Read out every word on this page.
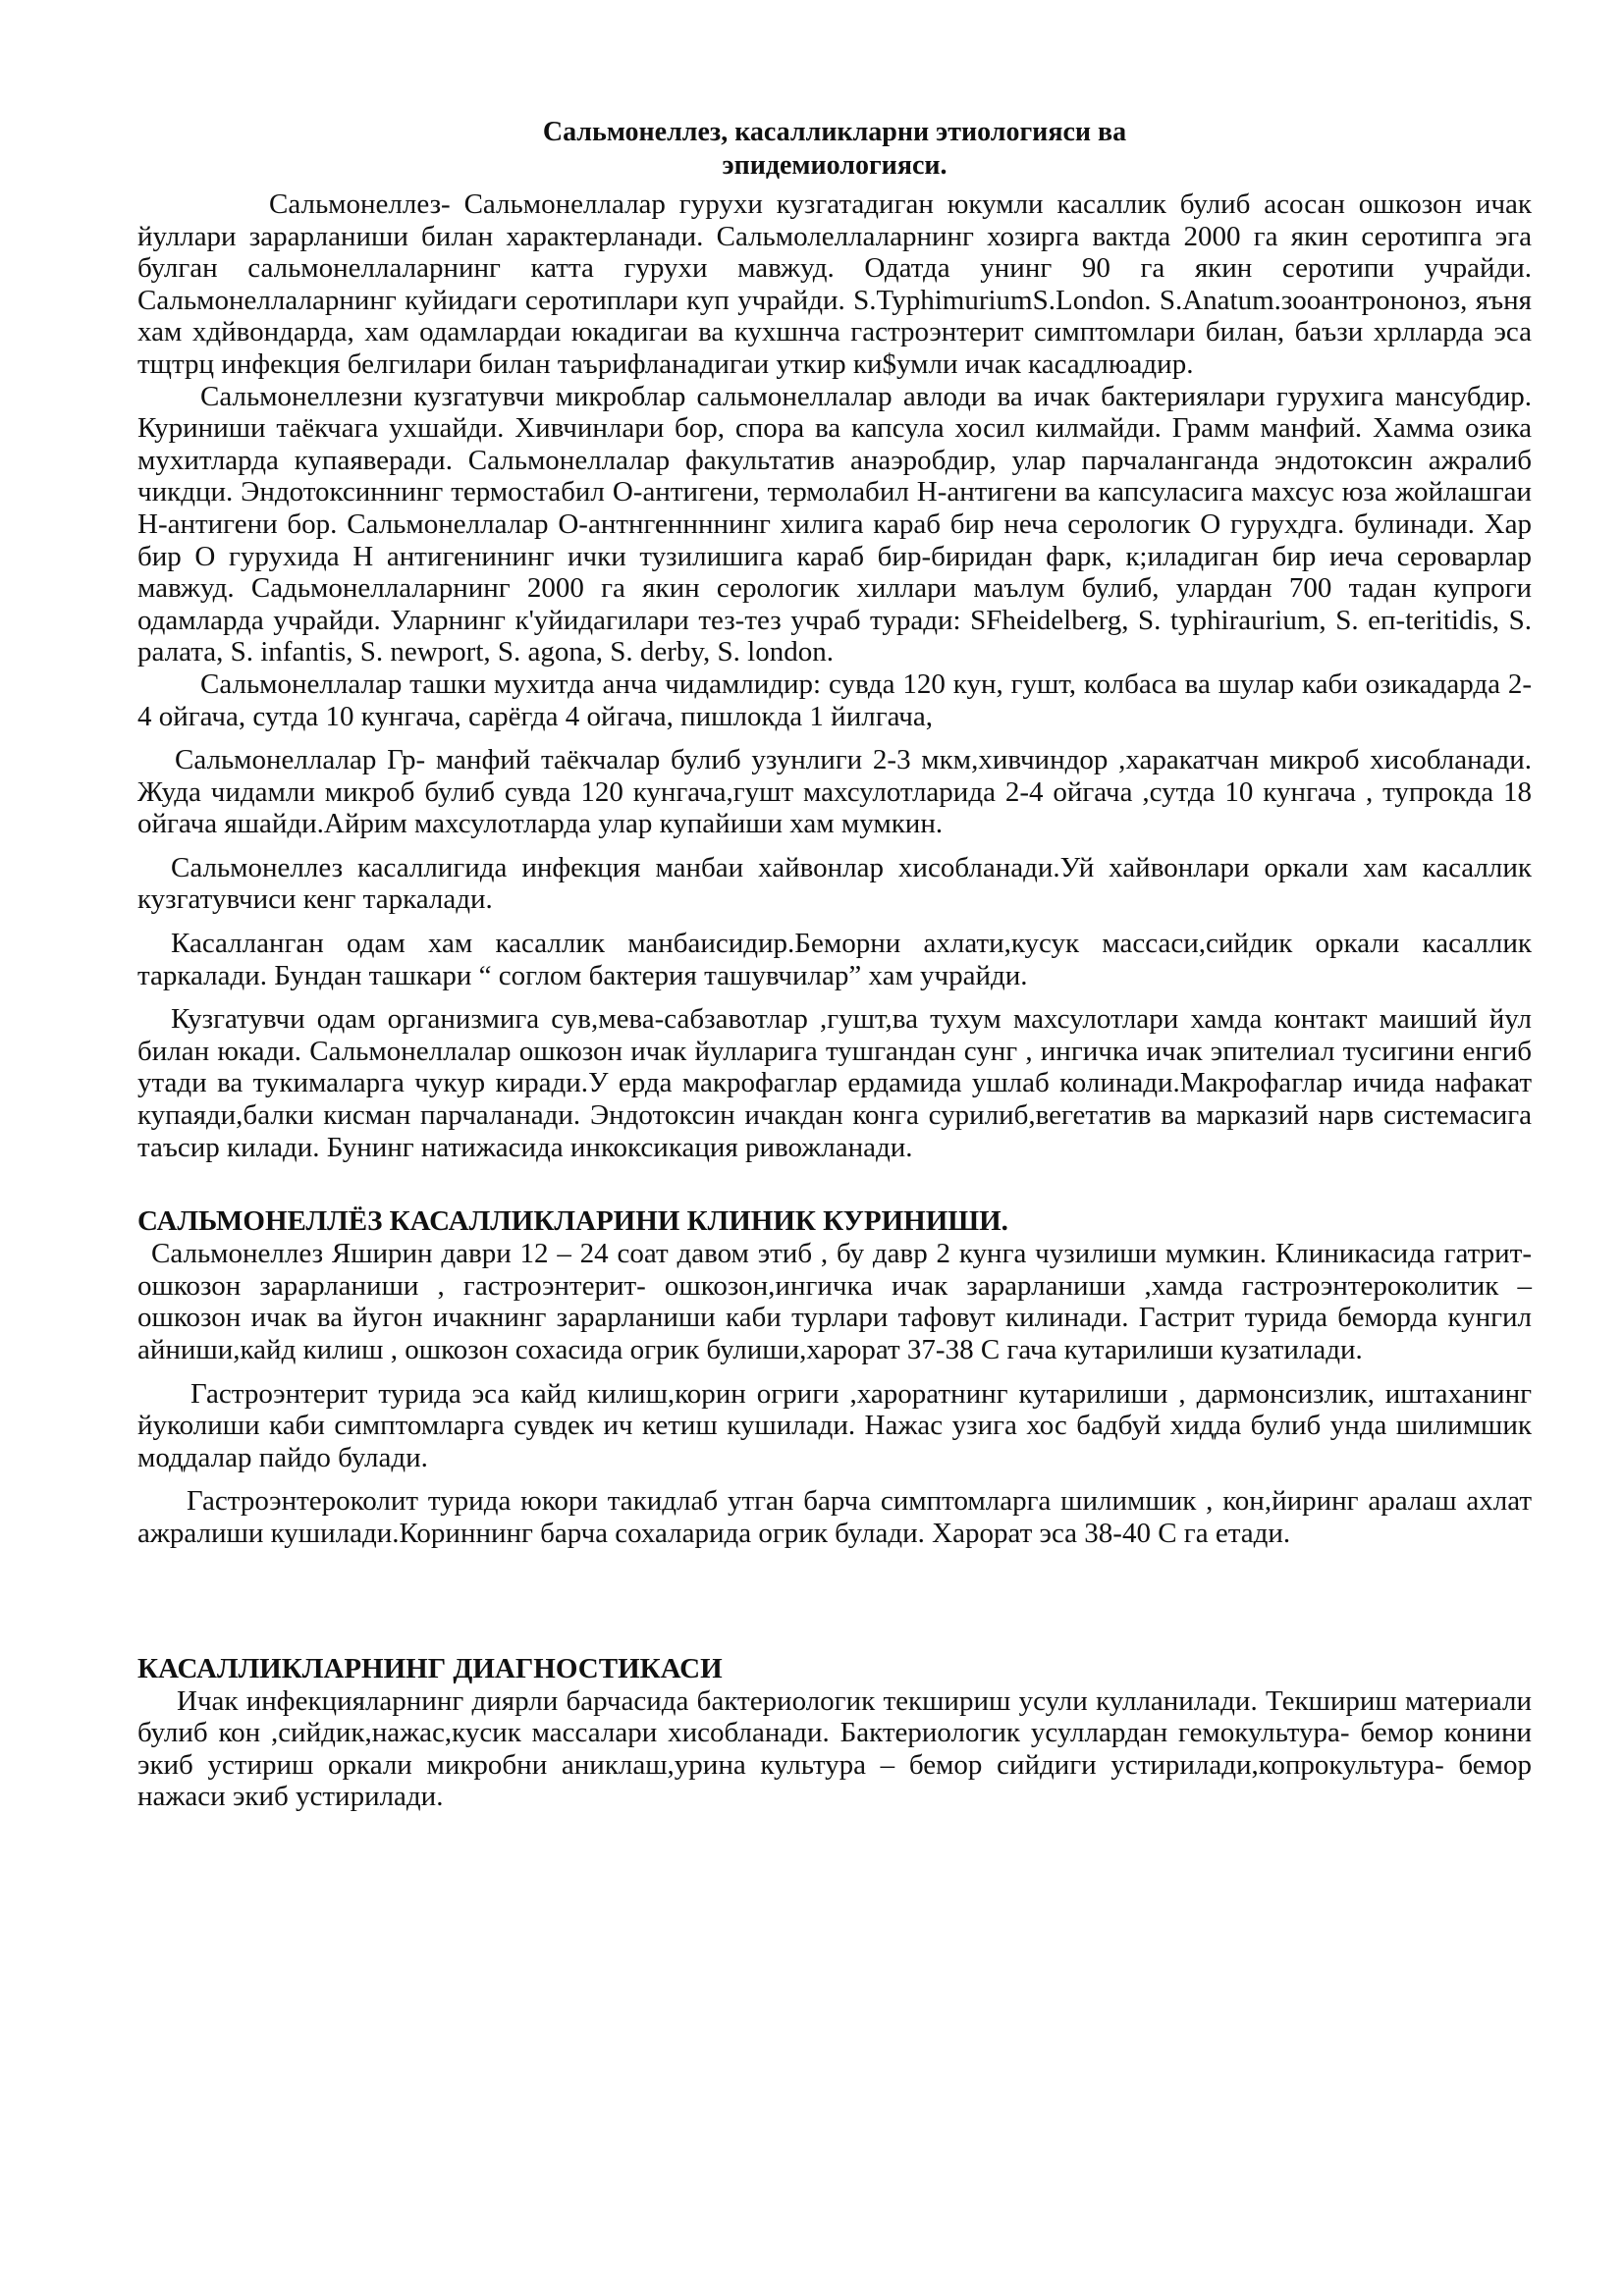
Сальмонеллез, касалликларни этиологияси ва
эпидемиологияси.

Сальмонеллез- Сальмонеллалар гурухи кузгатадиган юкумли касаллик булиб асосан ошкозон ичак йуллари зарарланиши билан характерланади. Сальмолеллаларнинг хозирга вактда 2000 га якин серотипга эга булган сальмонеллаларнинг катта гурухи мавжуд. Одатда унинг 90 га якин серотипи учрайди. Сальмонеллаларнинг куйидаги серотиплари куп учрайди. S.TyphimuriumS.London. S.Anatum.зооантрононоз, яъня хам хдйвондарда, хам одамлардаи юкадигаи ва кухшнча гастроэнтерит симптомлари билан, баъзи хрлларда эса тщтрц инфекция белгилари билан таърифланадигаи уткир ки$умли ичак касадлюадир.

Сальмонеллезни кузгатувчи микроблар сальмонеллалар авлоди ва ичак бактериялари гурухига мансубдир. Куриниши таёкчага ухшайди. Хивчинлари бор, спора ва капсула хосил килмайди. Грамм манфий. Хамма озика мухитларда купаяверади. Сальмонеллалар факультатив анаэробдир, улар парчаланганда эндотоксин ажралиб чикдци. Эндотоксиннинг термостабил О-антигени, термолабил Н-антигени ва капсуласига махсус юза жойлашгаи Н-антигени бор. Сальмонеллалар О-антнгеннннинг хилига караб бир неча серологик О гурухдга. булинади. Хар бир О гурухида Н антигенининг ички тузилишига караб бир-биридан фарк, к;иладиган бир иеча сероварлар мавжуд. Садьмонеллаларнинг 2000 га якин серологик хиллари маълум булиб, улардан 700 тадан купроги одамларда учрайди. Уларнинг к'уйидагилари тез-тез учраб туради: SFheidelberg, S. typhiraurium, S. еп-teritidis, S. ралата, S. infantis, S. newport, S. agona, S. derby, S. london.

Сальмонеллалар ташки мухитда анча чидамлидир: сувда 120 кун, гушт, колбаса ва шулар каби озикадарда 2-4 ойгача, сутда 10 кунгача, сарёгда 4 ойгача, пишлокда 1 йилгача,

Сальмонеллалар Гр- манфий таёкчалар булиб узунлиги 2-3 мкм,хивчиндор ,харакатчан микроб хисобланади. Жуда чидамли микроб булиб сувда 120 кунгача,гушт махсулотларида 2-4 ойгача ,сутда 10 кунгача , тупрокда 18 ойгача яшайди.Айрим махсулотларда улар купайиши хам мумкин.

Сальмонеллез касаллигида инфекция манбаи хайвонлар хисобланади.Уй хайвонлари оркали хам касаллик кузгатувчиси кенг таркалади.

Касалланган одам хам касаллик манбаисидир.Беморни ахлати,кусук массаси,сийдик оркали касаллик таркалади. Бундан ташкари “ соглом бактерия ташувчилар” хам учрайди.

Кузгатувчи одам организмига сув,мева-сабзавотлар ,гушт,ва тухум махсулотлари хамда контакт маиший йул билан юкади. Сальмонеллалар ошкозон ичак йулларига тушгандан сунг , ингичка ичак эпителиал тусигини енгиб утади ва тукималарга чукур киради.У ерда макрофаглар ердамида ушлаб колинади.Макрофаглар ичида нафакат купаяди,балки кисман парчаланади. Эндотоксин ичакдан конга сурилиб,вегетатив ва марказий нарв системасига таъсир килади. Бунинг натижасида инкоксикация ривожланади.

САЛЬМОНЕЛЛЁЗ КАСАЛЛИКЛАРИНИ КЛИНИК КУРИНИШИ.

Сальмонеллез Яширин даври 12 – 24 соат давом этиб , бу давр 2 кунга чузилиши мумкин. Клиникасида гатрит-ошкозон зарарланиши , гастроэнтерит- ошкозон,ингичка ичак зарарланиши ,хамда гастроэнтероколитик – ошкозон ичак ва йугон ичакнинг зарарланиши каби турлари тафовут килинади. Гастрит турида беморда кунгил айниши,кайд килиш , ошкозон сохасида огрик булиши,харорат 37-38 С гача кутарилиши кузатилади.

Гастроэнтерит турида эса кайд килиш,корин огриги ,хароратнинг кутарилиши , дармонсизлик, иштаханинг йуколиши каби симптомларга сувдек ич кетиш кушилади. Нажас узига хос бадбуй хидда булиб унда шилимшик моддалар пайдо булади.

Гастроэнтероколит турида юкори такидлаб утган барча симптомларга шилимшик , кон,йиринг аралаш ахлат ажралиши кушилади.Кориннинг барча сохаларида огрик булади. Харорат эса 38-40 С га етади.

КАСАЛЛИКЛАРНИНГ ДИАГНОСТИКАСИ

Ичак инфекцияларнинг диярли барчасида бактериологик текшириш усули кулланилади. Текшириш материали булиб кон ,сийдик,нажас,кусик массалари хисобланади. Бактериологик усуллардан гемокультура- бемор конини экиб устириш оркали микробни аниклаш,урина культура – бемор сийдиги устирилади,копрокультура- бемор нажаси экиб устирилади.
